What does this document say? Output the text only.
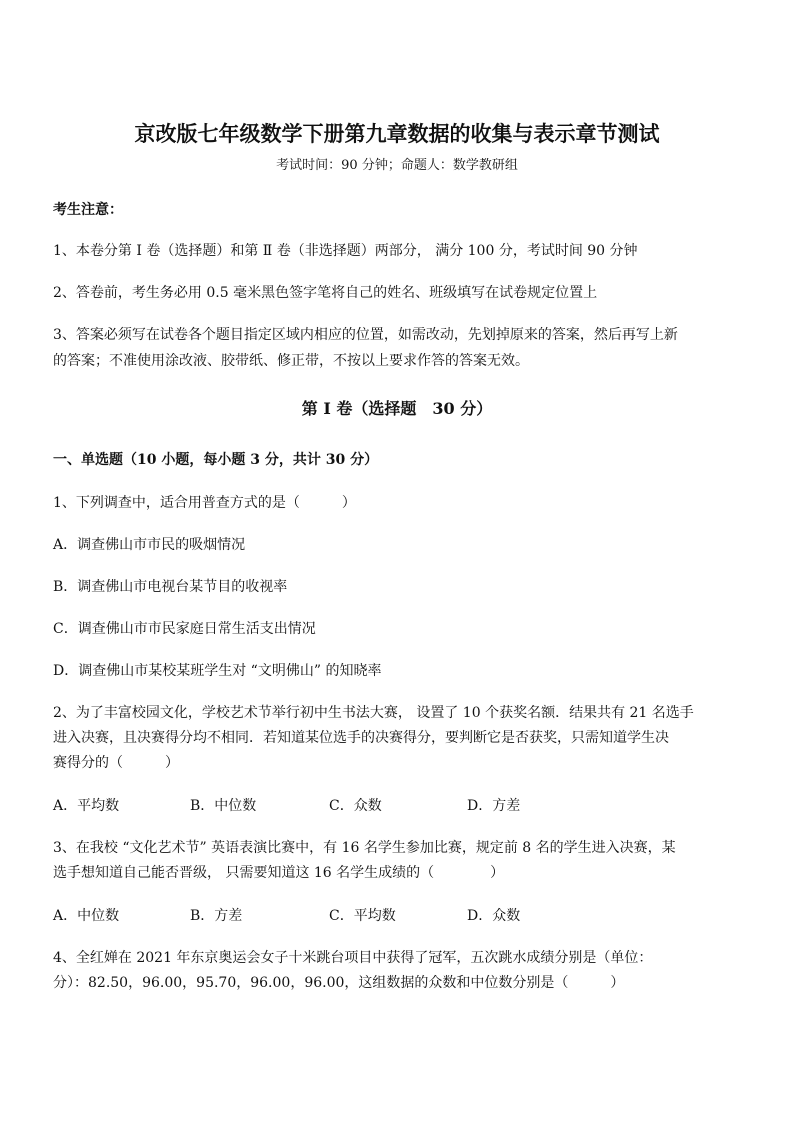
京改版七年级数学下册第九章数据的收集与表示章节测试
考试时间：90 分钟；命题人：数学教研组
考生注意：
1、本卷分第 I 卷（选择题）和第 Ⅱ 卷（非选择题）两部分， 满分 100 分，考试时间 90 分钟
2、答卷前，考生务必用 0.5 毫米黑色签字笔将自己的姓名、班级填写在试卷规定位置上
3、答案必须写在试卷各个题目指定区域内相应的位置，如需改动，先划掉原来的答案，然后再写上新
的答案；不准使用涂改液、胶带纸、修正带，不按以上要求作答的答案无效。
第 I 卷（选择题　30 分）
一、单选题（10 小题，每小题 3 分，共计 30 分）
1、下列调查中，适合用普查方式的是（　　　）
A．调查佛山市市民的吸烟情况
B．调查佛山市电视台某节目的收视率
C．调查佛山市市民家庭日常生活支出情况
D．调查佛山市某校某班学生对 “文明佛山” 的知晓率
2、为了丰富校园文化，学校艺术节举行初中生书法大赛， 设置了 10 个获奖名额．结果共有 21 名选手
进入决赛，且决赛得分均不相同．若知道某位选手的决赛得分，要判断它是否获奖，只需知道学生决
赛得分的（　　　）
A．平均数	B．中位数	C．众数	D．方差
3、在我校 “文化艺术节” 英语表演比赛中，有 16 名学生参加比赛，规定前 8 名的学生进入决赛，某
选手想知道自己能否晋级， 只需要知道这 16 名学生成绩的（　　　　）
A．中位数	B．方差	C．平均数	D．众数
4、全红婵在 2021 年东京奥运会女子十米跳台项目中获得了冠军，五次跳水成绩分别是（单位：
分）：82.50，96.00，95.70，96.00，96.00，这组数据的众数和中位数分别是（　　　）
